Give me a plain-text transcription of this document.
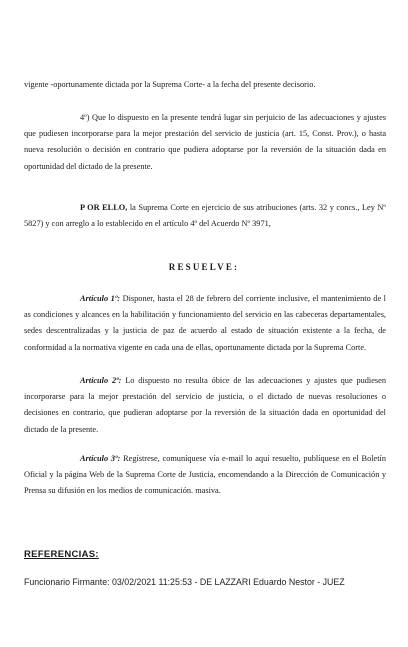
vigente -oportunamente dictada por la Suprema Corte- a la fecha del presente decisorio.

4º) Que lo dispuesto en la presente tendrá lugar sin perjuicio de las adecuaciones y ajustes que pudiesen incorporarse para la mejor prestación del servicio de justicia (art. 15, Const. Prov.), o hasta nueva resolución o decisión en contrario que pudiera adoptarse por la reversión de la situación dada en oportunidad del dictado de la presente.

P OR ELLO, la Suprema Corte en ejercicio de sus atribuciones (arts. 32 y concs., Ley Nº 5827) y con arreglo a lo establecido en el artículo 4º del Acuerdo Nº 3971,

RESUELVE:

Artículo 1º: Disponer, hasta el 28 de febrero del corriente inclusive, el mantenimiento de l as condiciones y alcances en la habilitación y funcionamiento del servicio en las cabeceras departamentales, sedes descentralizadas y la justicia de paz de acuerdo al estado de situación existente a la fecha, de conformidad a la normativa vigente en cada una de ellas, oportunamente dictada por la Suprema Corte.

Artículo 2º: Lo dispuesto no resulta óbice de las adecuaciones y ajustes que pudiesen incorporarse para la mejor prestación del servicio de justicia, o el dictado de nuevas resoluciones o decisiones en contrario, que pudieran adoptarse por la reversión de la situación dada en oportunidad del dictado de la presente.

Artículo 3º: Regístrese, comuníquese vía e-mail lo aquí resuelto, publíquese en el Boletín Oficial y la página Web de la Suprema Corte de Justicia, encomendando a la Dirección de Comunicación y Prensa su difusión en los medios de comunicación. masiva.

REFERENCIAS:

Funcionario Firmante: 03/02/2021 11:25:53 - DE LAZZARI Eduardo Nestor - JUEZ
